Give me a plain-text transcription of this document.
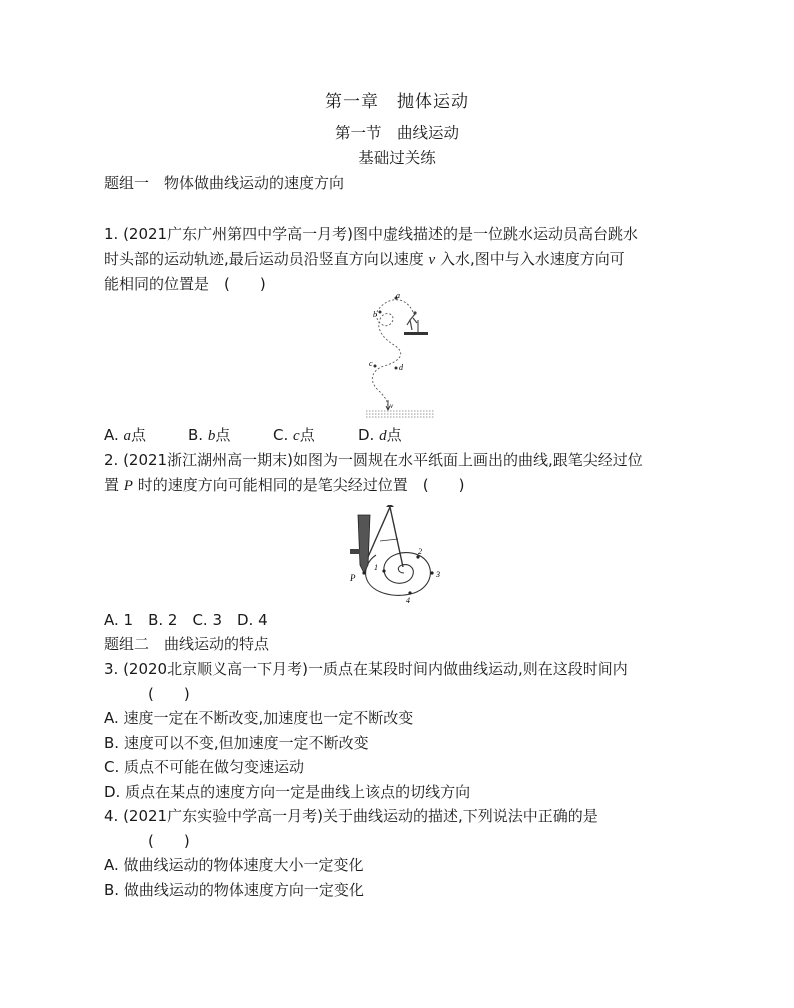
第一章　抛体运动
第一节　曲线运动
基础过关练
题组一　物体做曲线运动的速度方向
1. (2021广东广州第四中学高一月考)图中虚线描述的是一位跳水运动员高台跳水
时头部的运动轨迹,最后运动员沿竖直方向以速度 v 入水,图中与入水速度方向可
能相同的位置是　(　　)
a
b
c	d
v
A. a点	B. b点	C. c点	D. d点
2. (2021浙江湖州高一期末)如图为一圆规在水平纸面上画出的曲线,跟笔尖经过位
置 P 时的速度方向可能相同的是笔尖经过位置　(　　)
P
1
2
3
4
A. 1　B. 2　C. 3　D. 4
题组二　曲线运动的特点
3. (2020北京顺义高一下月考)一质点在某段时间内做曲线运动,则在这段时间内
(　　)
A. 速度一定在不断改变,加速度也一定不断改变
B. 速度可以不变,但加速度一定不断改变
C. 质点不可能在做匀变速运动
D. 质点在某点的速度方向一定是曲线上该点的切线方向
4. (2021广东实验中学高一月考)关于曲线运动的描述,下列说法中正确的是
(　　)
A. 做曲线运动的物体速度大小一定变化
B. 做曲线运动的物体速度方向一定变化
